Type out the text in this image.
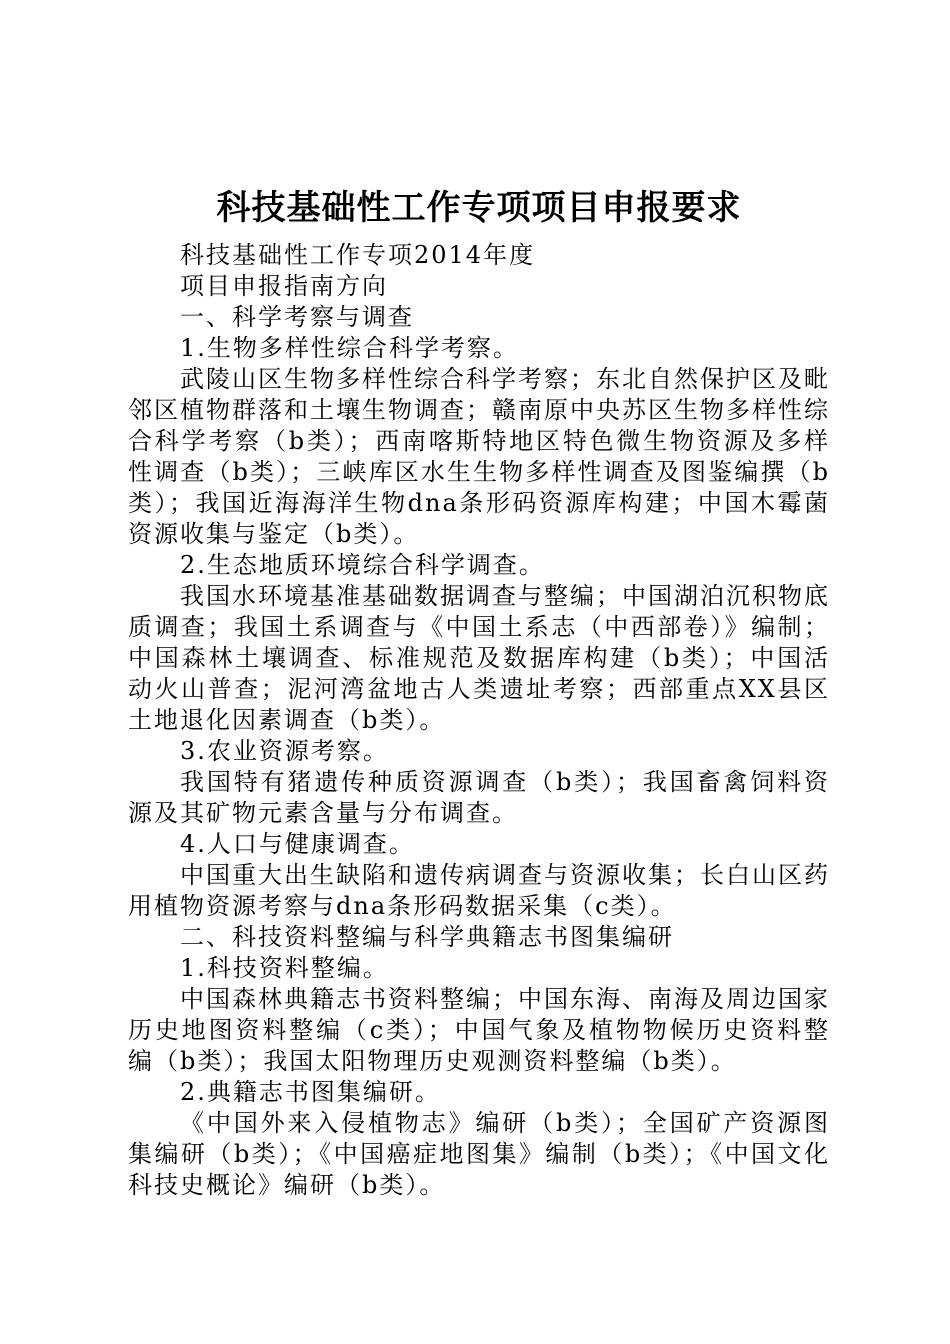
科技基础性工作专项项目申报要求

科技基础性工作专项2014年度

项目申报指南方向

一、科学考察与调查

1.生物多样性综合科学考察。

武陵山区生物多样性综合科学考察；东北自然保护区及毗邻区植物群落和土壤生物调查；赣南原中央苏区生物多样性综合科学考察（b类）；西南喀斯特地区特色微生物资源及多样性调查（b类）；三峡库区水生生物多样性调查及图鉴编撰（b类）；我国近海海洋生物dna条形码资源库构建；中国木霉菌资源收集与鉴定（b类）。

2.生态地质环境综合科学调查。

我国水环境基准基础数据调查与整编；中国湖泊沉积物底质调查；我国土系调查与《中国土系志（中西部卷）》编制；中国森林土壤调查、标准规范及数据库构建（b类）；中国活动火山普查；泥河湾盆地古人类遗址考察；西部重点XX县区土地退化因素调查（b类）。

3.农业资源考察。

我国特有猪遗传种质资源调查（b类）；我国畜禽饲料资源及其矿物元素含量与分布调查。

4.人口与健康调查。

中国重大出生缺陷和遗传病调查与资源收集；长白山区药用植物资源考察与dna条形码数据采集（c类）。

二、科技资料整编与科学典籍志书图集编研

1.科技资料整编。

中国森林典籍志书资料整编；中国东海、南海及周边国家历史地图资料整编（c类）；中国气象及植物物候历史资料整编（b类）；我国太阳物理历史观测资料整编（b类）。

2.典籍志书图集编研。

《中国外来入侵植物志》编研（b类）；全国矿产资源图集编研（b类）；《中国癌症地图集》编制（b类）；《中国文化科技史概论》编研（b类）。
